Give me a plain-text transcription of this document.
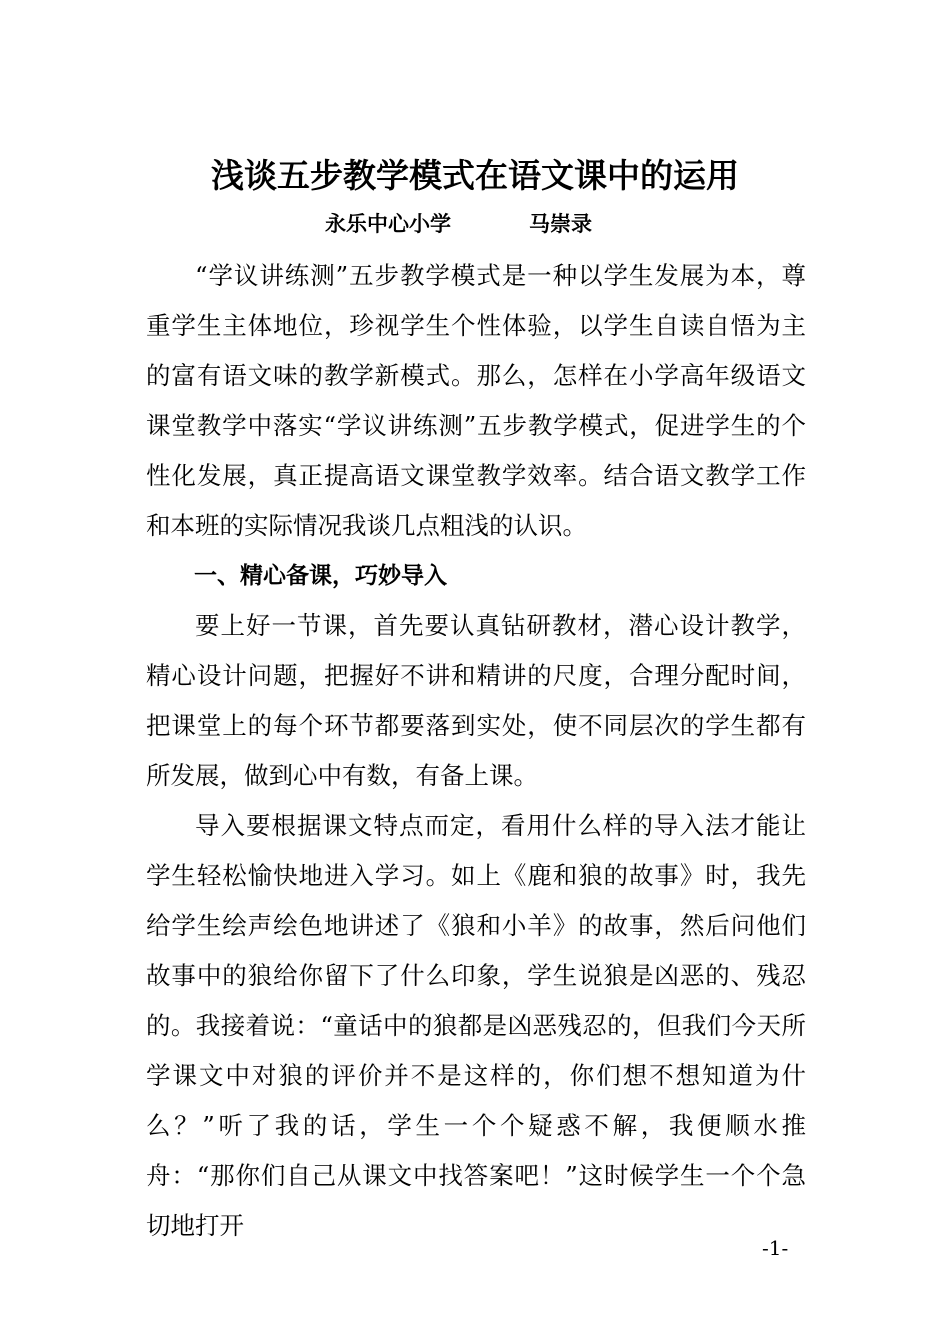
浅谈五步教学模式在语文课中的运用
永乐中心小学	马崇录

“学议讲练测”五步教学模式是一种以学生发展为本，尊重学生主体地位，珍视学生个性体验，以学生自读自悟为主的富有语文味的教学新模式。那么，怎样在小学高年级语文课堂教学中落实“学议讲练测”五步教学模式，促进学生的个性化发展，真正提高语文课堂教学效率。结合语文教学工作和本班的实际情况我谈几点粗浅的认识。

一、精心备课，巧妙导入

要上好一节课，首先要认真钻研教材，潜心设计教学，精心设计问题，把握好不讲和精讲的尺度，合理分配时间，把课堂上的每个环节都要落到实处，使不同层次的学生都有所发展，做到心中有数，有备上课。

导入要根据课文特点而定，看用什么样的导入法才能让学生轻松愉快地进入学习。如上《鹿和狼的故事》时，我先给学生绘声绘色地讲述了《狼和小羊》的故事，然后问他们故事中的狼给你留下了什么印象，学生说狼是凶恶的、残忍的。我接着说：“童话中的狼都是凶恶残忍的，但我们今天所学课文中对狼的评价并不是这样的，你们想不想知道为什么？”听了我的话，学生一个个疑惑不解，我便顺水推舟：“那你们自己从课文中找答案吧！”这时候学生一个个急切地打开

-1-
